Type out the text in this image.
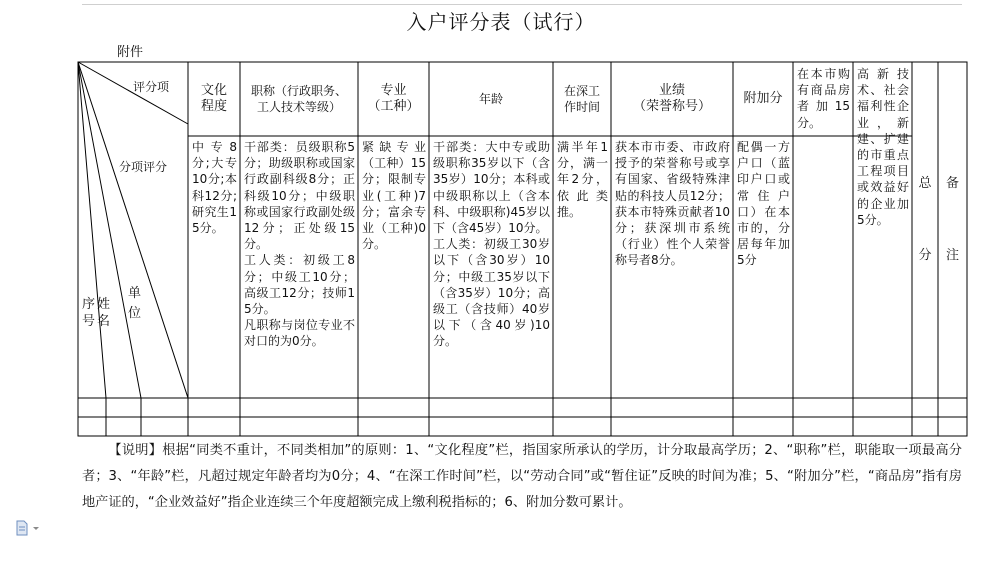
入户评分表（试行）
附件
评分项
分项评分
单
位
序
号
姓
名
文化
程度
职称（行政职务、
工人技术等级）
专业
（工种）	年龄
在深工
作时间
业绩
（荣誉称号）
附加分
中专8分;大专10分;本科12分;研究生15分。
干部类：员级职称5分；助级职称或国家行政副科级8分；正科级10分；中级职称或国家行政副处级12分；正处级15分。
工人类：初级工8分；中级工10分；高级工12分；技师15分。
凡职称与岗位专业不对口的为0分。
紧缺专业（工种）15分；限制专业(工种)7分；富余专业（工种)0分。
干部类：大中专或助级职称35岁以下（含35岁）10分；本科或中级职称以上（含本科、中级职称)45岁以下（含45岁）10分。
工人类：初级工30岁以下（含30岁）10分；中级工35岁以下（含35岁）10分；高级工（含技师）40岁以下（含40岁)10分。
满半年1分，满一年2分，依此类推。
获本市市委、市政府授予的荣誉称号或享有国家、省级特殊津贴的科技人员12分；获本市特殊贡献者10分；获深圳市系统（行业）性个人荣誉称号者8分。
配偶一方户口（蓝印户口或常住户口）在本市的，分居每年加5分
在本市购有商品房者加15分。
高新技术、社会福利性企业，新建、扩建的市重点工程项目或效益好的企业加5分。
总

分
备

注
【说明】根据“同类不重计，不同类相加”的原则：1、“文化程度”栏，指国家所承认的学历，计分取最高学历；2、“职称”栏，职能取一项最高分者；3、“年龄”栏，凡超过规定年龄者均为0分；4、“在深工作时间”栏，以“劳动合同”或“暂住证”反映的时间为准；5、“附加分”栏，“商品房”指有房地产证的，“企业效益好”指企业连续三个年度超额完成上缴利税指标的；6、附加分数可累计。
